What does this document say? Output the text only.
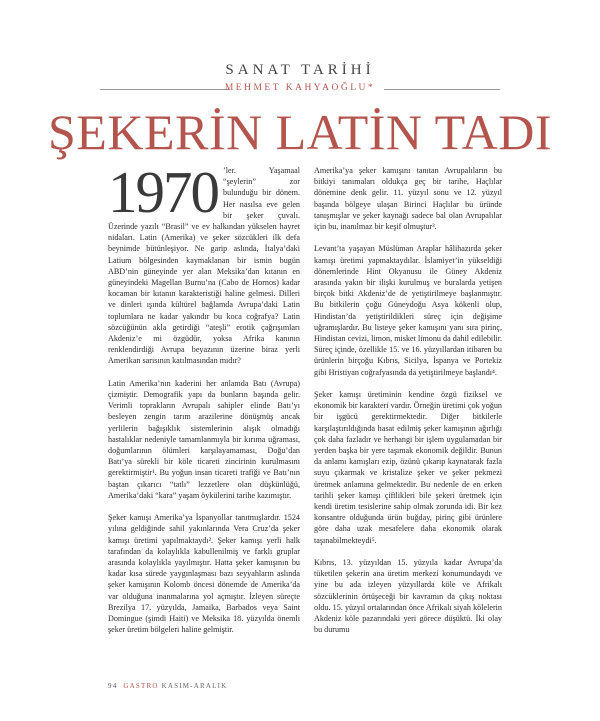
SANAT TARİHİ
MEHMET KAHYAOĞLU*
ŞEKERİN LATİN TADI

1970 ’ler. Yaşamaal “şeylerin” zor bulunduğu bir dönem. Her nasılsa eve gelen bir şeker çuvalı. Üzerinde yazılı “Brasil” ve ev halkından yükselen hayret nidaları. Latin (Amerika) ve şeker sözcükleri ilk defa beynimde bütünleşiyor. Ne garip aslında, İtalya’daki Latium bölgesinden kaymaklanan bir ismin bugün ABD’nin güneyinde yer alan Meksika’dan kıtanın en güneyindeki Magellan Burnu’na (Cabo de Hornos) kadar kocaman bir kıtanın karakteristiği haline gelmesi. Dilleri ve dinleri ışında kültürel bağlamda Avrupa’daki Latin toplumlara ne kadar yakındır bu koca coğrafya? Latin sözcüğünün akla getirdiği “ateşli” erotik çağrışımları Akdeniz’e mi özgüdür, yoksa Afrika kanının renklendirdiği Avrupa beyazının üzerine biraz yerli Amerikan sarısının katılmasından mıdır?

Latin Amerika’nın kaderini her anlamda Batı (Avrupa) çizmiştir. Demografik yapı da bunların başında gelir. Verimli toprakların Avrupalı sahipler elinde Batı’yı besleyen zengin tarım arazilerine dönüşmüş ancak yerlilerin bağışıklık sistemlerinin alışık olmadığı hastalıklar nedeniyle tamamlanmıyla bir kırıma uğraması, doğumlarının ölümleri karşılayamaması, Doğu’dan Batı’ya sürekli bir köle ticareti zincirinin kurulmasını gerektirmiştir¹. Bu yoğun insan ticareti trafiği ve Batı’nın baştan çıkarıcı “tatlı” lezzetlere olan düşkünlüğü, Amerika’daki “kara” yaşam öykülerini tarihe kazımıştır.

Şeker kamışı Amerika’ya İspanyollar tanıtmışlardır. 1524 yılına geldiğinde sahil yakınlarında Vera Cruz’da şeker kamışı üretimi yapılmaktaydı². Şeker kamışı yerli halk tarafından da kolaylıkla kabullenilmiş ve farklı gruplar arasında kolaylıkla yayılmıştır. Hatta şeker kamışının bu kadar kısa sürede yaygınlaşması bazı seyyahların aslında şeker kamışının Kolomb öncesi dönemde de Amerika’da var olduğuna inanmalarına yol açmıştır. İzleyen süreçte Brezilya 17. yüzyılda, Jamaika, Barbados veya Saint Domingue (şimdi Haiti) ve Meksika 18. yüzyılda önemli şeker üretim bölgeleri haline gelmiştir.

Amerika’ya şeker kamışını tanıtan Avrupalıların bu bitkiyi tanımaları oldukça geç bir tarihe, Haçlılar dönemine denk gelir. 11. yüzyıl sonu ve 12. yüzyıl başında bölgeye ulaşan Birinci Haçlılar bu üründe tanışmışlar ve şeker kaynağı sadece bal olan Avrupalılar için bu, inanılmaz bir keşif olmuştur³.

Levant’ta yaşayan Müslüman Araplar hâlihazırda şeker kamışı üretimi yapmaktaydılar. İslamiyet’in yükseldiği dönemlerinde Hint Okyanusu ile Güney Akdeniz arasında yakın bir ilişki kurulmuş ve buralarda yetişen birçok bitki Akdeniz’de de yetiştirilmeye başlanmıştır. Bu bitkilerin çoğu Güneydoğu Asya kökenli olup, Hindistan’da yetiştirildikleri süreç için değişime uğramışlardır. Bu listeye şeker kamışını yanı sıra pirinç, Hindistan cevizi, limon, misket limonu da dahil edilebilir. Süreç içinde, özellikle 15. ve 16. yüzyıllardan itibaren bu ürünlerin birçoğu Kıbrıs, Sicilya, İspanya ve Portekiz gibi Hristiyan coğrafyasında da yetiştirilmeye başlandı⁴.

Şeker kamışı üretiminin kendine özgü fiziksel ve ekonomik bir karakteri vardır. Örneğin üretimi çok yoğun bir işgücü gerektirmektedir. Diğer bitkilerle karşılaştırıldığında hasat edilmiş şeker kamışının ağırlığı çok daha fazladır ve herhangi bir işlem uygulamadan bir yerden başka bir yere taşımak ekonomik değildir. Bunun da anlamı kamışları ezip, özünü çıkarıp kaynatarak fazla suyu çıkarmak ve kristalize şeker ve şeker pekmezi üretmek anlamına gelmektedir. Bu nedenle de en erken tarihli şeker kamışı çiftlikleri bile şekeri üretmek için kendi üretim tesislerine sahip olmak zorunda idi. Bir kez konsantre olduğunda ürün buğday, pirinç gibi ürünlere göre daha uzak mesafelere daha ekonomik olarak taşınabilmekteydi⁵.

Kıbrıs, 13. yüzyıldan 15. yüzyıla kadar Avrupa’da tüketilen şekerin ana üretim merkezi konumundaydı ve yine bu ada izleyen yüzyıllarda köle ve Afrikalı sözcüklerinin örtüşeceği bir kavramın da çıkış noktası oldu. 15. yüzyıl ortalarından önce Afrikalı siyah kölelerin Akdeniz köle pazarındaki yeri görece düşüktü. İki olay bu durumu

94 GASTRO KASIM-ARALIK
